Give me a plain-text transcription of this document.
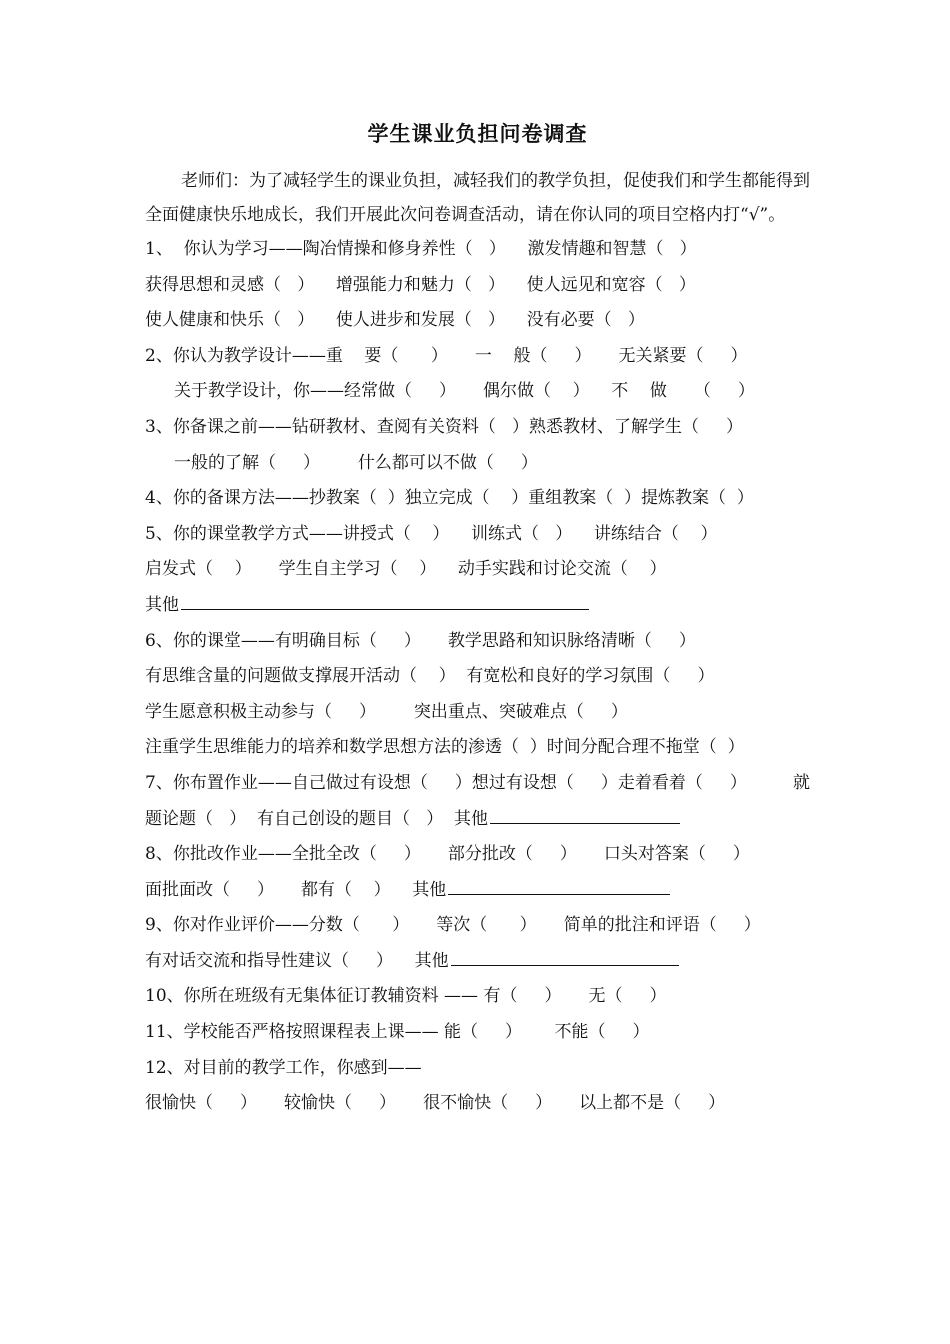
学生课业负担问卷调查

老师们：为了减轻学生的课业负担，减轻我们的教学负担，促使我们和学生都能得到全面健康快乐地成长，我们开展此次问卷调查活动，请在你认同的项目空格内打“√”。

1、  你认为学习——陶冶情操和修身养性（   ）    激发情趣和智慧（   ）
获得思想和灵感（   ）    增强能力和魅力（   ）    使人远见和宽容（   ）
使人健康和快乐（   ）    使人进步和发展（   ）    没有必要（   ）
2、你认为教学设计——重    要（      ）     一    般（     ）     无关紧要（     ）
关于教学设计，你——经常做（     ）     偶尔做（    ）    不    做     （     ）
3、你备课之前——钻研教材、查阅有关资料（   ）熟悉教材、了解学生（     ）
一般的了解（     ）       什么都可以不做（     ）
4、你的备课方法——抄教案（  ）独立完成（    ）重组教案（  ）提炼教案（  ）
5、你的课堂教学方式——讲授式（    ）    训练式（   ）    讲练结合（    ）
启发式（    ）     学生自主学习（    ）    动手实践和讨论交流（    ）
其他
6、你的课堂——有明确目标（     ）     教学思路和知识脉络清晰（     ）
有思维含量的问题做支撑展开活动（    ）  有宽松和良好的学习氛围（     ）
学生愿意积极主动参与（     ）       突出重点、突破难点（     ）
注重学生思维能力的培养和数学思想方法的渗透（  ）时间分配合理不拖堂（  ）
7、你布置作业——自己做过有设想（     ）想过有设想（     ）走着看着（     ）	就
题论题（   ）  有自己创设的题目（   ）  其他
8、你批改作业——全批全改（     ）     部分批改（     ）     口头对答案（     ）
面批面改（     ）     都有（    ）    其他
9、你对作业评价——分数（      ）     等次（      ）     简单的批注和评语（     ）
有对话交流和指导性建议（     ）    其他
10、你所在班级有无集体征订教辅资料 —— 有（     ）     无（     ）
11、学校能否严格按照课程表上课—— 能（     ）      不能（     ）
12、对目前的教学工作，你感到——
很愉快（     ）     较愉快（     ）     很不愉快（     ）     以上都不是（     ）
